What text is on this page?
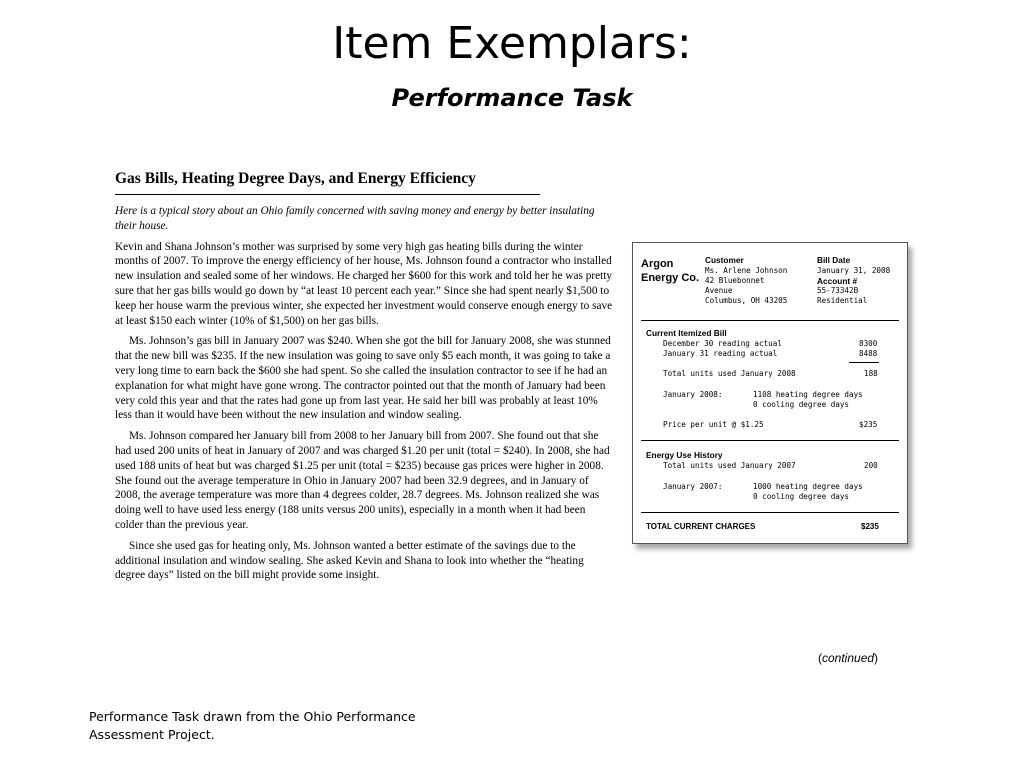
Item Exemplars:
Performance Task
Gas Bills, Heating Degree Days, and Energy Efficiency

Here is a typical story about an Ohio family concerned with saving money and energy by better insulating their house.

Kevin and Shana Johnson’s mother was surprised by some very high gas heating bills during the winter months of 2007. To improve the energy efficiency of her house, Ms. Johnson found a contractor who installed new insulation and sealed some of her windows. He charged her $600 for this work and told her he was pretty sure that her gas bills would go down by “at least 10 percent each year.” Since she had spent nearly $1,500 to keep her house warm the previous winter, she expected her investment would conserve enough energy to save at least $150 each winter (10% of $1,500) on her gas bills.

Ms. Johnson’s gas bill in January 2007 was $240. When she got the bill for January 2008, she was stunned that the new bill was $235. If the new insulation was going to save only $5 each month, it was going to take a very long time to earn back the $600 she had spent. So she called the insulation contractor to see if he had an explanation for what might have gone wrong. The contractor pointed out that the month of January had been very cold this year and that the rates had gone up from last year. He said her bill was probably at least 10% less than it would have been without the new insulation and window sealing.

Ms. Johnson compared her January bill from 2008 to her January bill from 2007. She found out that she had used 200 units of heat in January of 2007 and was charged $1.20 per unit (total = $240). In 2008, she had used 188 units of heat but was charged $1.25 per unit (total = $235) because gas prices were higher in 2008. She found out the average temperature in Ohio in January 2007 had been 32.9 degrees, and in January of 2008, the average temperature was more than 4 degrees colder, 28.7 degrees. Ms. Johnson realized she was doing well to have used less energy (188 units versus 200 units), especially in a month when it had been colder than the previous year.

Since she used gas for heating only, Ms. Johnson wanted a better estimate of the savings due to the additional insulation and window sealing. She asked Kevin and Shana to look into whether the “heating degree days” listed on the bill might provide some insight.

Argon Energy Co.
Customer
Ms. Arlene Johnson
42 Bluebonnet
Avenue
Columbus, OH 43205
Bill Date
January 31, 2008
Account #
55-73342B
Residential
Current Itemized Bill
December 30 reading actual	8300
January 31 reading actual	8488
Total units used January 2008	188
January 2008:	1108 heating degree days
0 cooling degree days
Price per unit @ $1.25	$235
Energy Use History
Total units used January 2007	200
January 2007:	1000 heating degree days
0 cooling degree days
TOTAL CURRENT CHARGES	$235
(continued)
Performance Task drawn from the Ohio Performance Assessment Project.
